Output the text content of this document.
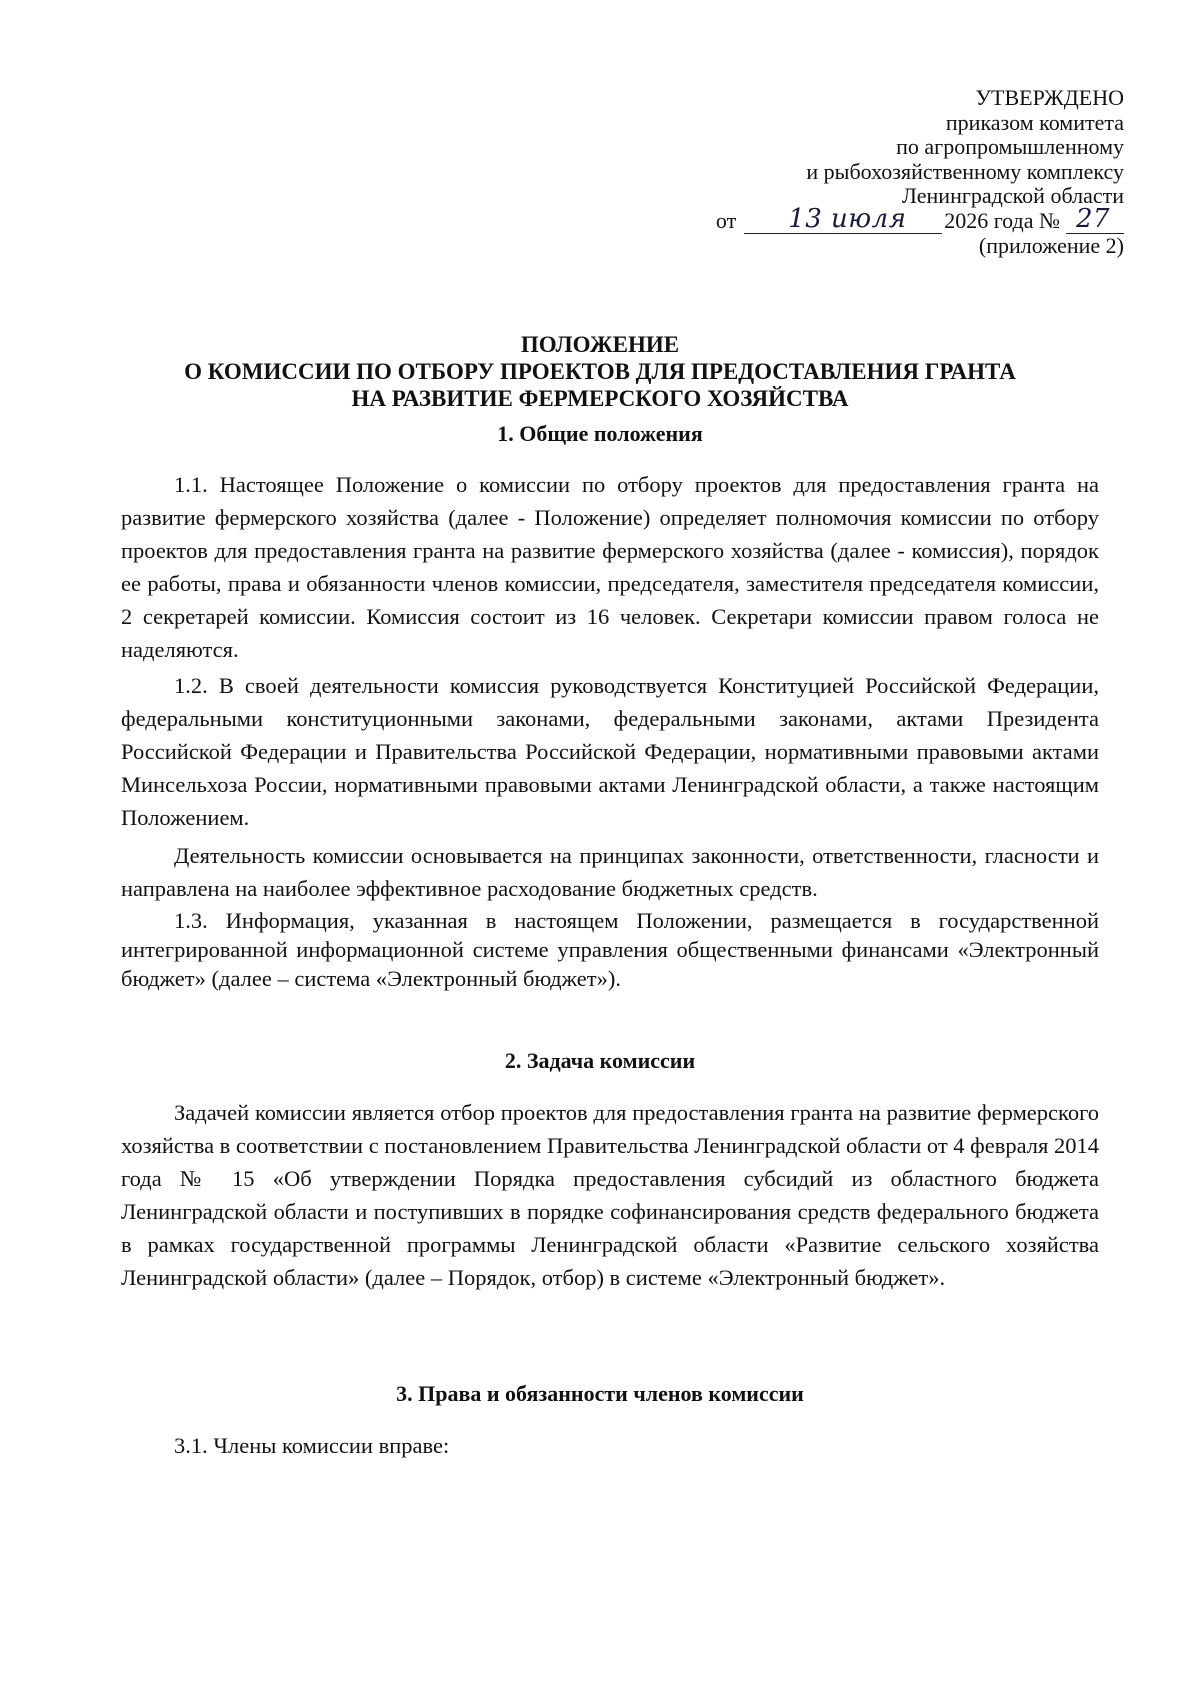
УТВЕРЖДЕНО
приказом комитета
по агропромышленному
и рыбохозяйственному комплексу
Ленинградской области
от 13 июля 2026 года № 27
(приложение 2)
ПОЛОЖЕНИЕ
О КОМИССИИ ПО ОТБОРУ ПРОЕКТОВ ДЛЯ ПРЕДОСТАВЛЕНИЯ ГРАНТА
НА РАЗВИТИЕ ФЕРМЕРСКОГО ХОЗЯЙСТВА
1. Общие положения
1.1. Настоящее Положение о комиссии по отбору проектов для предоставления гранта на развитие фермерского хозяйства (далее - Положение) определяет полномочия комиссии по отбору проектов для предоставления гранта на развитие фермерского хозяйства (далее - комиссия), порядок ее работы, права и обязанности членов комиссии, председателя, заместителя председателя комиссии, 2 секретарей комиссии. Комиссия состоит из 16 человек. Секретари комиссии правом голоса не наделяются.
1.2. В своей деятельности комиссия руководствуется Конституцией Российской Федерации, федеральными конституционными законами, федеральными законами, актами Президента Российской Федерации и Правительства Российской Федерации, нормативными правовыми актами Минсельхоза России, нормативными правовыми актами Ленинградской области, а также настоящим Положением.
Деятельность комиссии основывается на принципах законности, ответственности, гласности и направлена на наиболее эффективное расходование бюджетных средств.
1.3. Информация, указанная в настоящем Положении, размещается в государственной интегрированной информационной системе управления общественными финансами «Электронный бюджет» (далее – система «Электронный бюджет»).
2. Задача комиссии
Задачей комиссии является отбор проектов для предоставления гранта на развитие фермерского хозяйства в соответствии с постановлением Правительства Ленинградской области от 4 февраля 2014 года № 15 «Об утверждении Порядка предоставления субсидий из областного бюджета Ленинградской области и поступивших в порядке софинансирования средств федерального бюджета в рамках государственной программы Ленинградской области «Развитие сельского хозяйства Ленинградской области» (далее – Порядок, отбор) в системе «Электронный бюджет».
3. Права и обязанности членов комиссии
3.1. Члены комиссии вправе:
